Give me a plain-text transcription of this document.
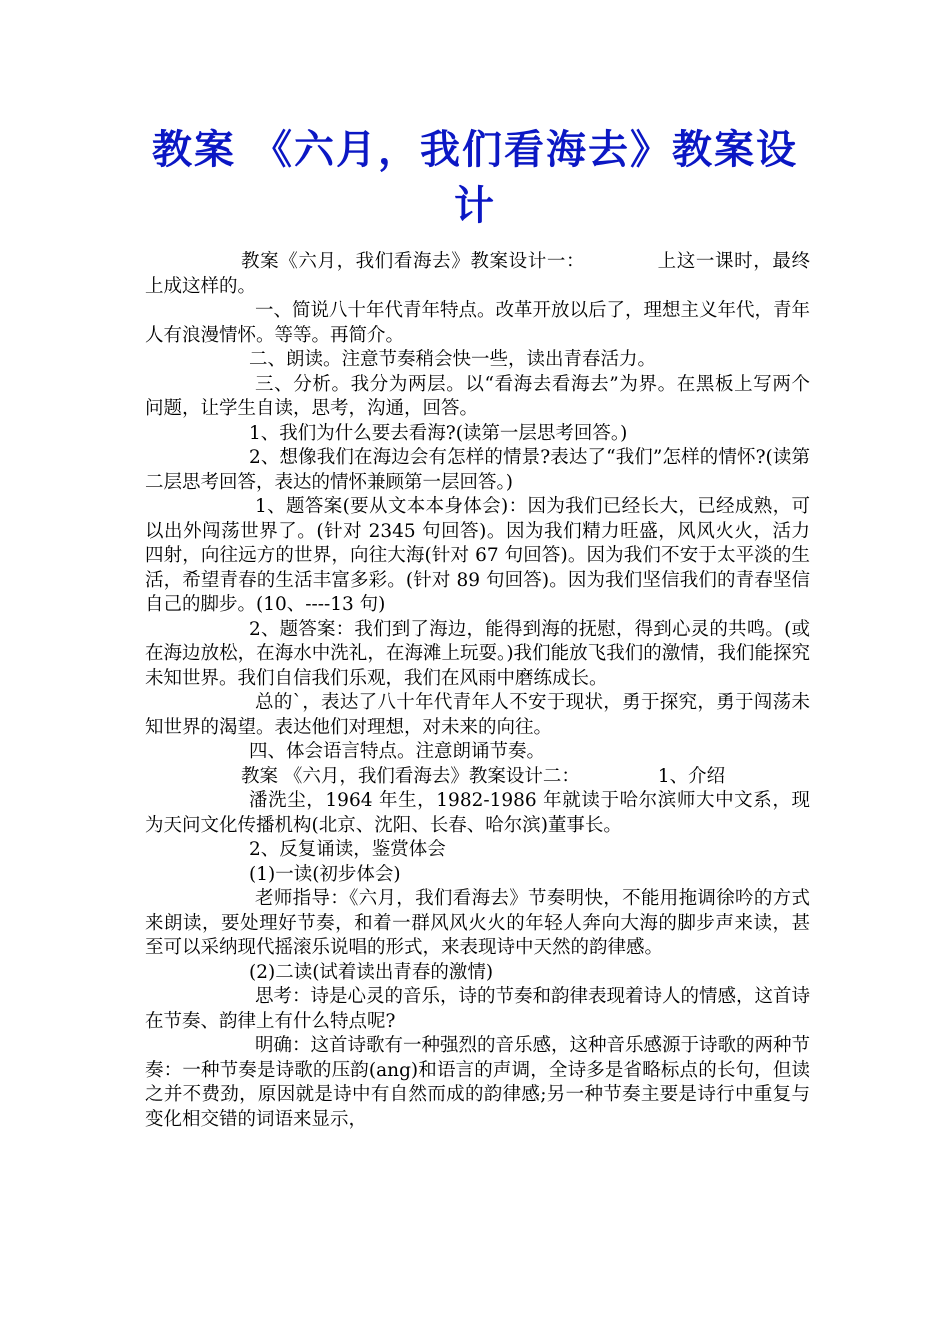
教案 《六月，我们看海去》教案设计

教案《六月，我们看海去》教案设计一：	上这一课时，最终上成这样的。

一、简说八十年代青年特点。改革开放以后了，理想主义年代，青年人有浪漫情怀。等等。再简介。

二、朗读。注意节奏稍会快一些，读出青春活力。

三、分析。我分为两层。以“看海去看海去”为界。在黑板上写两个问题，让学生自读，思考，沟通，回答。

1、我们为什么要去看海?(读第一层思考回答。)

2、想像我们在海边会有怎样的情景?表达了“我们”怎样的情怀?(读第二层思考回答，表达的情怀兼顾第一层回答。)

1、题答案(要从文本本身体会)：因为我们已经长大，已经成熟，可以出外闯荡世界了。(针对 2345 句回答)。因为我们精力旺盛，风风火火，活力四射，向往远方的世界，向往大海(针对 67 句回答)。因为我们不安于太平淡的生活，希望青春的生活丰富多彩。(针对 89 句回答)。因为我们坚信我们的青春坚信自己的脚步。(10、----13 句)

2、题答案：我们到了海边，能得到海的抚慰，得到心灵的共鸣。(或在海边放松，在海水中洗礼，在海滩上玩耍。)我们能放飞我们的激情，我们能探究未知世界。我们自信我们乐观，我们在风雨中磨练成长。

总的`，表达了八十年代青年人不安于现状，勇于探究，勇于闯荡未知世界的渴望。表达他们对理想，对未来的向往。

四、体会语言特点。注意朗诵节奏。

教案 《六月，我们看海去》教案设计二：	1、介绍

潘洗尘，1964 年生，1982-1986 年就读于哈尔滨师大中文系，现为天问文化传播机构(北京、沈阳、长春、哈尔滨)董事长。

2、反复诵读，鉴赏体会

(1)一读(初步体会)

老师指导：《六月，我们看海去》节奏明快，不能用拖调徐吟的方式来朗读，要处理好节奏，和着一群风风火火的年轻人奔向大海的脚步声来读，甚至可以采纳现代摇滚乐说唱的形式，来表现诗中天然的韵律感。

(2)二读(试着读出青春的激情)

思考：诗是心灵的音乐，诗的节奏和韵律表现着诗人的情感，这首诗在节奏、韵律上有什么特点呢?

明确：这首诗歌有一种强烈的音乐感，这种音乐感源于诗歌的两种节奏：一种节奏是诗歌的压韵(ang)和语言的声调，全诗多是省略标点的长句，但读之并不费劲，原因就是诗中有自然而成的韵律感;另一种节奏主要是诗行中重复与变化相交错的词语来显示，
